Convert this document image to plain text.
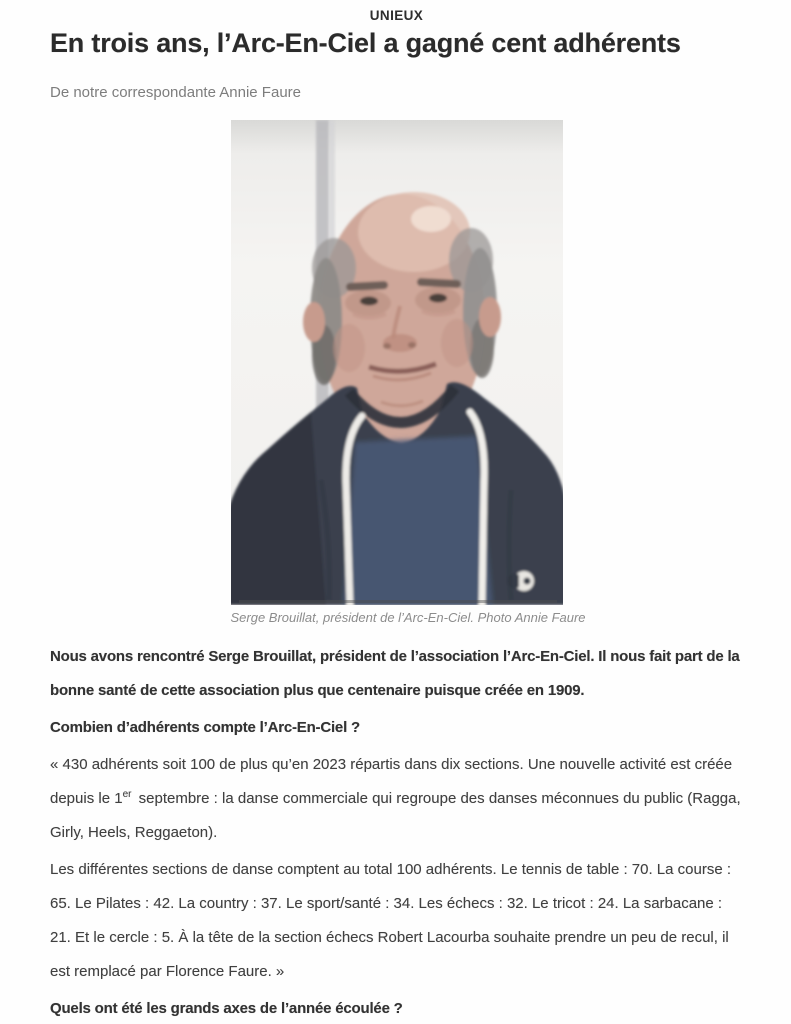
UNIEUX
En trois ans, l’Arc-En-Ciel a gagné cent adhérents

De notre correspondante Annie Faure

Serge Brouillat, président de l’Arc-En-Ciel. Photo Annie Faure

Nous avons rencontré Serge Brouillat, président de l’association l’Arc-En-Ciel. Il nous fait part de la bonne santé de cette association plus que centenaire puisque créée en 1909.

Combien d’adhérents compte l’Arc-En-Ciel ?

« 430 adhérents soit 100 de plus qu’en 2023 répartis dans dix sections. Une nouvelle activité est créée depuis le 1er septembre : la danse commerciale qui regroupe des danses méconnues du public (Ragga, Girly, Heels, Reggaeton).

Les différentes sections de danse comptent au total 100 adhérents. Le tennis de table : 70. La course : 65. Le Pilates : 42. La country : 37. Le sport/santé : 34. Les échecs : 32. Le tricot : 24. La sarbacane : 21. Et le cercle : 5. À la tête de la section échecs Robert Lacourba souhaite prendre un peu de recul, il est remplacé par Florence Faure. »

Quels ont été les grands axes de l’année écoulée ?
